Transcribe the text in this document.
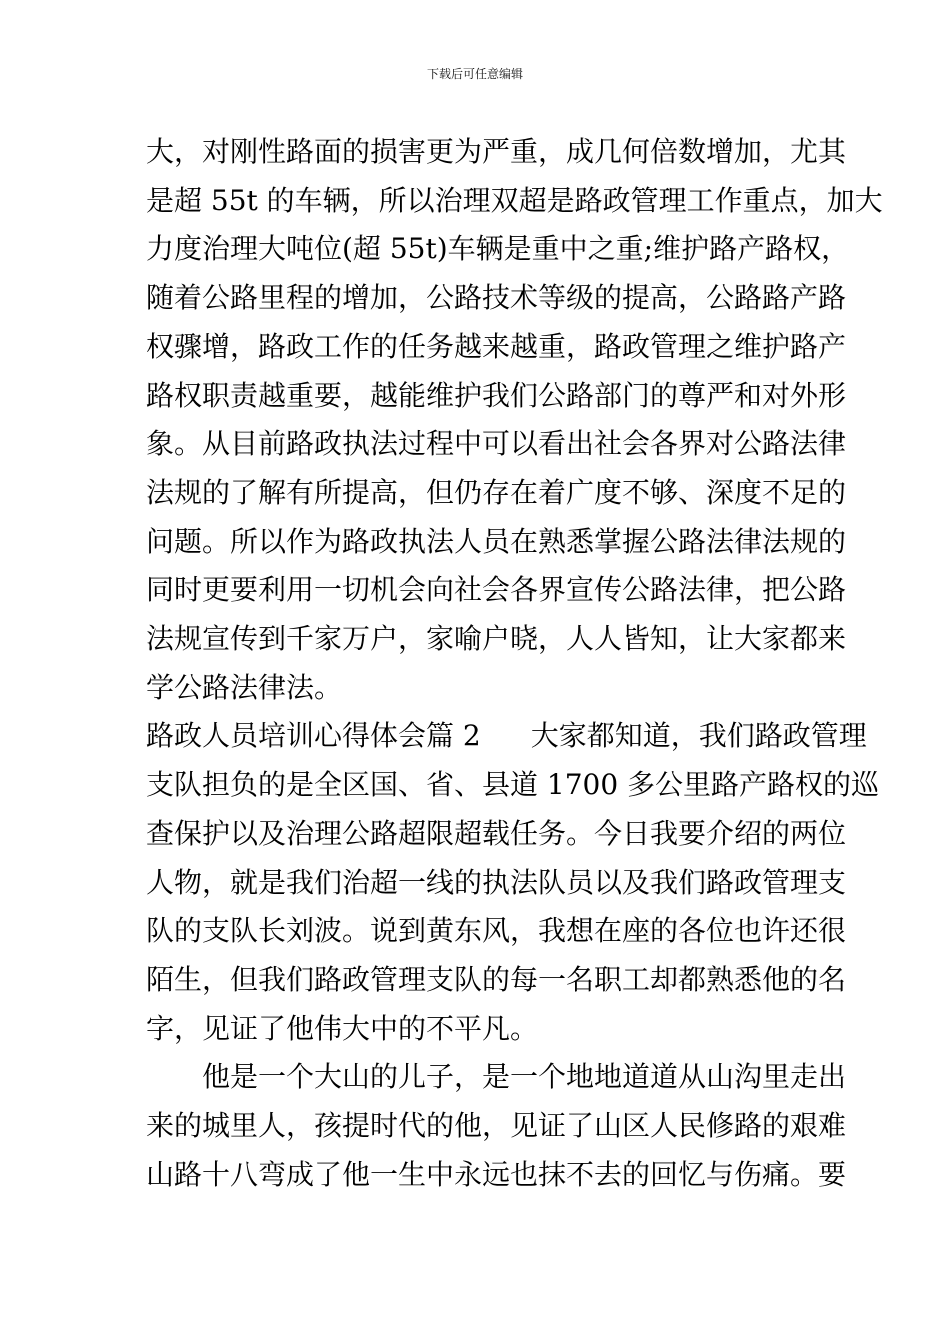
下载后可任意编辑
大，对刚性路面的损害更为严重，成几何倍数增加，尤其
是超 55t 的车辆，所以治理双超是路政管理工作重点，加大
力度治理大吨位(超 55t)车辆是重中之重;维护路产路权，
随着公路里程的增加，公路技术等级的提高，公路路产路
权骤增，路政工作的任务越来越重，路政管理之维护路产
路权职责越重要，越能维护我们公路部门的尊严和对外形
象。从目前路政执法过程中可以看出社会各界对公路法律
法规的了解有所提高，但仍存在着广度不够、深度不足的
问题。所以作为路政执法人员在熟悉掌握公路法律法规的
同时更要利用一切机会向社会各界宣传公路法律，把公路
法规宣传到千家万户，家喻户晓，人人皆知，让大家都来
学公路法律法。
路政人员培训心得体会篇 2 大家都知道，我们路政管理
支队担负的是全区国、省、县道 1700 多公里路产路权的巡
查保护以及治理公路超限超载任务。今日我要介绍的两位
人物，就是我们治超一线的执法队员以及我们路政管理支
队的支队长刘波。说到黄东风，我想在座的各位也许还很
陌生，但我们路政管理支队的每一名职工却都熟悉他的名
字，见证了他伟大中的不平凡。
他是一个大山的儿子，是一个地地道道从山沟里走出
来的城里人，孩提时代的他，见证了山区人民修路的艰难
山路十八弯成了他一生中永远也抹不去的回忆与伤痛。要
